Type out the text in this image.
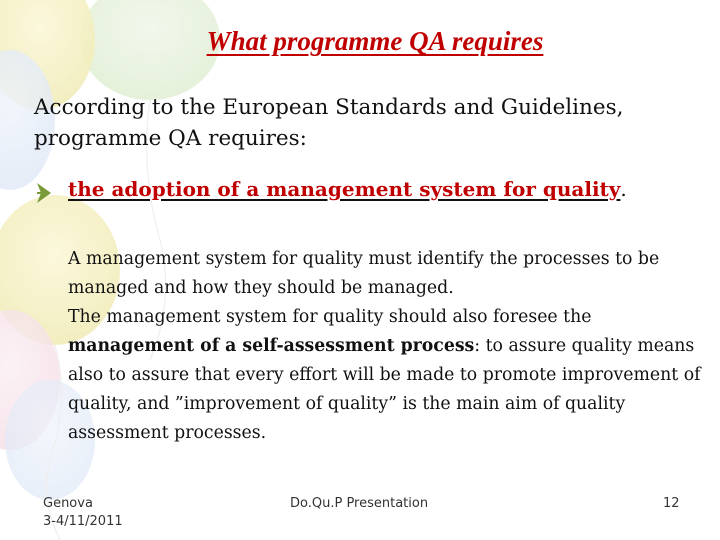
What programme QA requires

According to the European Standards and Guidelines, programme QA requires:

the adoption of a management system for quality.

A management system for quality must identify the processes to be managed and how they should be managed.
The management system for quality should also foresee the management of a self-assessment process: to assure quality means also to assure that every effort will be made to promote improvement of quality, and ”improvement of quality” is the main aim of quality assessment processes.
Genova
3-4/11/2011
Do.Qu.P Presentation	12
